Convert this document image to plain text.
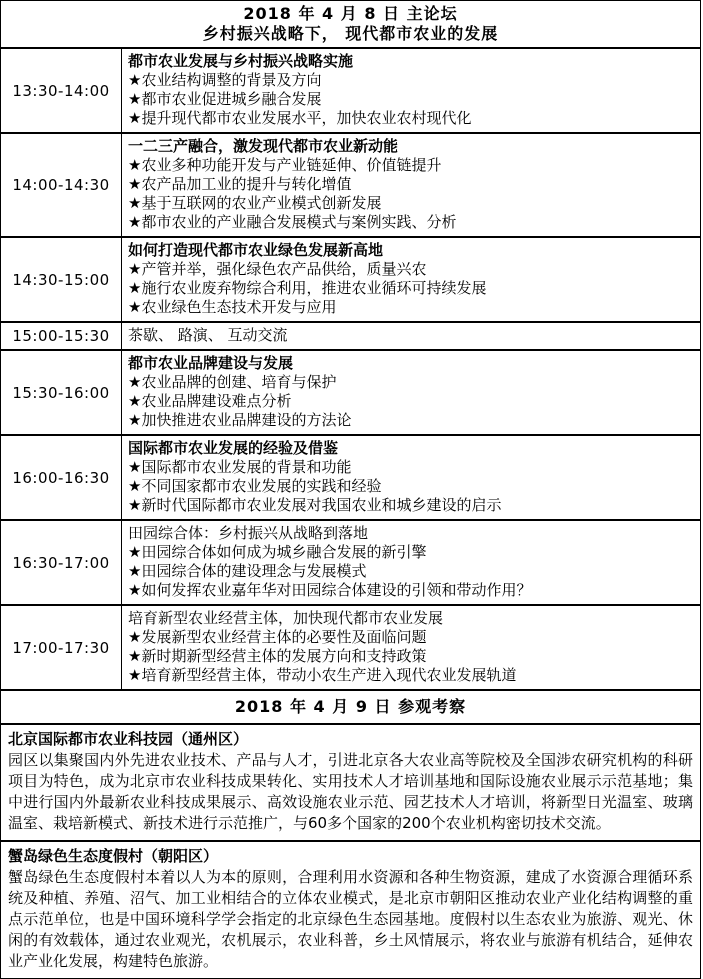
2018 年 4 月 8 日 主论坛
乡村振兴战略下， 现代都市农业的发展
13:30-14:00
都市农业发展与乡村振兴战略实施
★农业结构调整的背景及方向
★都市农业促进城乡融合发展
★提升现代都市农业发展水平，加快农业农村现代化
14:00-14:30
一二三产融合，激发现代都市农业新动能
★农业多种功能开发与产业链延伸、价值链提升
★农产品加工业的提升与转化增值
★基于互联网的农业产业模式创新发展
★都市农业的产业融合发展模式与案例实践、分析
14:30-15:00
如何打造现代都市农业绿色发展新高地
★产管并举，强化绿色农产品供给，质量兴农
★施行农业废弃物综合利用，推进农业循环可持续发展
★农业绿色生态技术开发与应用
15:00-15:30	茶歇、 路演、 互动交流
15:30-16:00
都市农业品牌建设与发展
★农业品牌的创建、培育与保护
★农业品牌建设难点分析
★加快推进农业品牌建设的方法论
16:00-16:30
国际都市农业发展的经验及借鉴
★国际都市农业发展的背景和功能
★不同国家都市农业发展的实践和经验
★新时代国际都市农业发展对我国农业和城乡建设的启示
16:30-17:00
田园综合体：乡村振兴从战略到落地
★田园综合体如何成为城乡融合发展的新引擎
★田园综合体的建设理念与发展模式
★如何发挥农业嘉年华对田园综合体建设的引领和带动作用？
17:00-17:30
培育新型农业经营主体，加快现代都市农业发展
★发展新型农业经营主体的必要性及面临问题
★新时期新型经营主体的发展方向和支持政策
★培育新型经营主体，带动小农生产进入现代农业发展轨道
2018 年 4 月 9 日 参观考察
北京国际都市农业科技园（通州区）
园区以集聚国内外先进农业技术、产品与人才，引进北京各大农业高等院校及全国涉农研究机构的科研项目为特色，成为北京市农业科技成果转化、实用技术人才培训基地和国际设施农业展示示范基地；集中进行国内外最新农业科技成果展示、高效设施农业示范、园艺技术人才培训，将新型日光温室、玻璃温室、栽培新模式、新技术进行示范推广，与60多个国家的200个农业机构密切技术交流。
蟹岛绿色生态度假村（朝阳区）
蟹岛绿色生态度假村本着以人为本的原则，合理利用水资源和各种生物资源，建成了水资源合理循环系统及种植、养殖、沼气、加工业相结合的立体农业模式，是北京市朝阳区推动农业产业化结构调整的重点示范单位，也是中国环境科学学会指定的北京绿色生态园基地。度假村以生态农业为旅游、观光、休闲的有效载体，通过农业观光，农机展示，农业科普，乡土风情展示，将农业与旅游有机结合，延伸农业产业化发展，构建特色旅游。
